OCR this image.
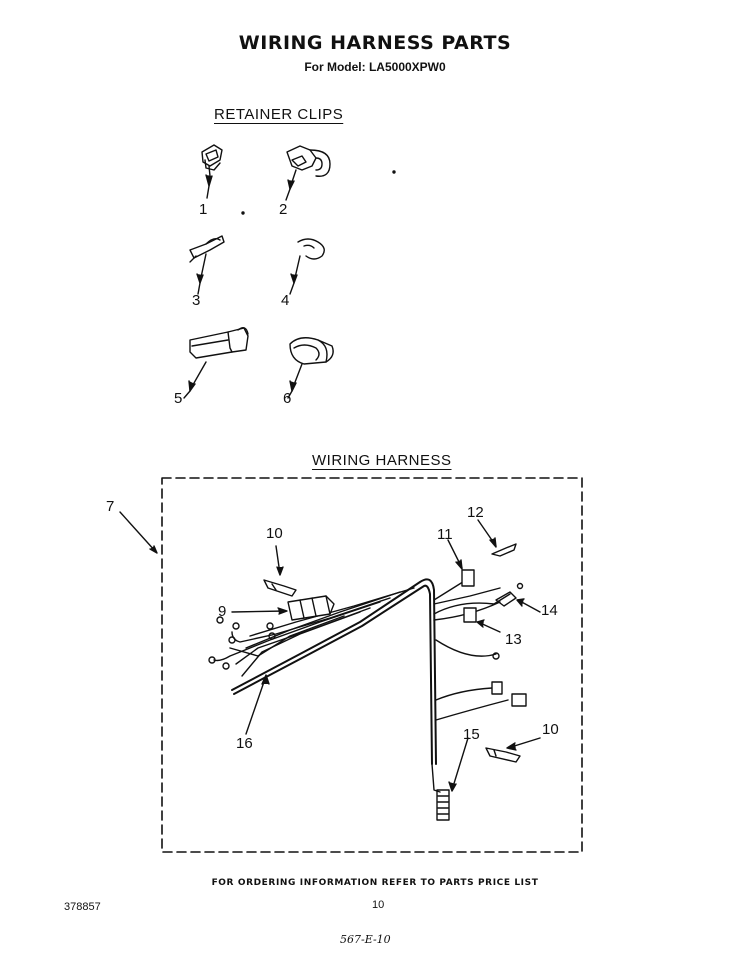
WIRING HARNESS PARTS
For Model: LA5000XPW0
RETAINER CLIPS
WIRING HARNESS
1	2
3	4
5	6
7
10	11
12
9	14
13
16
15	10
FOR ORDERING INFORMATION REFER TO PARTS PRICE LIST
378857	10
567-E-10
